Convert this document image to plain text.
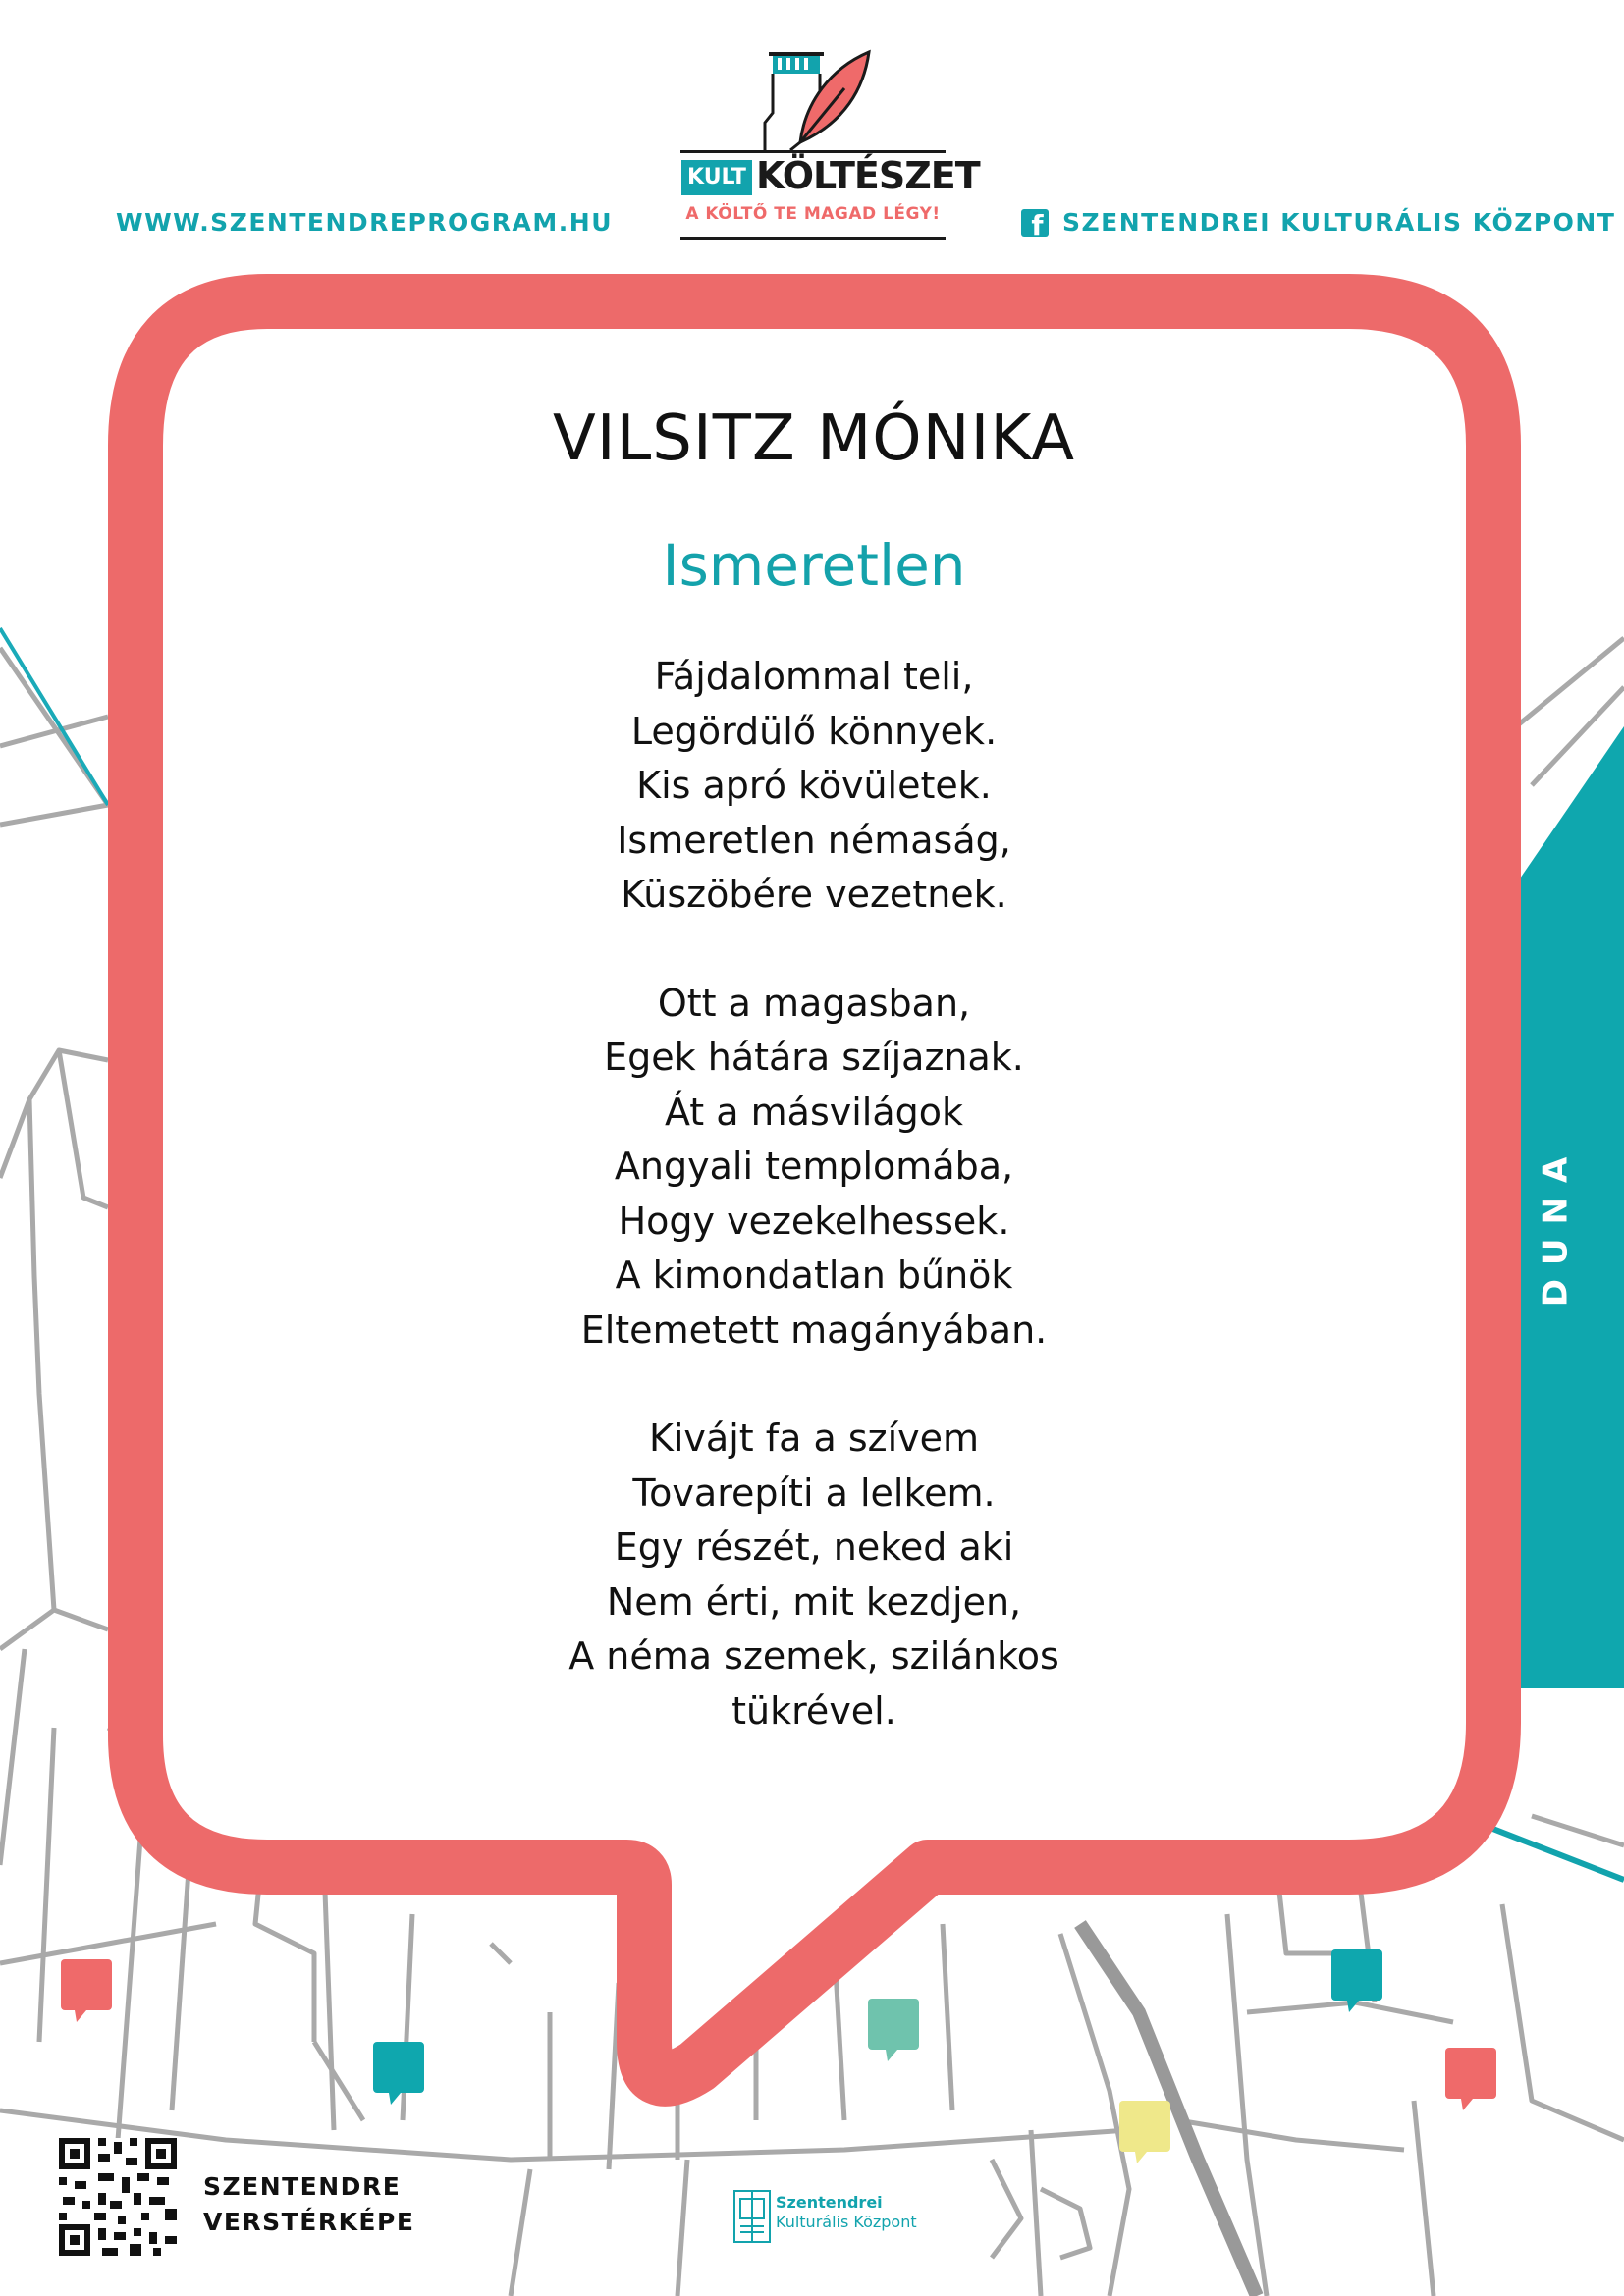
WWW.SZENTENDREPROGRAM.HU	f SZENTENDREI KULTURÁLIS KÖZPONT
KULT KÖLTÉSZET
A KÖLTŐ TE MAGAD LÉGY!
VILSITZ MÓNIKA
Ismeretlen
Fájdalommal teli,
Legördülő könnyek.
Kis apró kövületek.
Ismeretlen némaság,
Küszöbére vezetnek.
Ott a magasban,
Egek hátára szíjaznak.
Át a másvilágok
Angyali templomába,
Hogy vezekelhessek.
A kimondatlan bűnök
Eltemetett magányában.
Kivájt fa a szívem
Tovarepíti a lelkem.
Egy részét, neked aki
Nem érti, mit kezdjen,
A néma szemek, szilánkos
tükrével.
DUNA
SZENTENDRE
VERSTÉRKÉPE
Szentendrei
Kulturális Központ
